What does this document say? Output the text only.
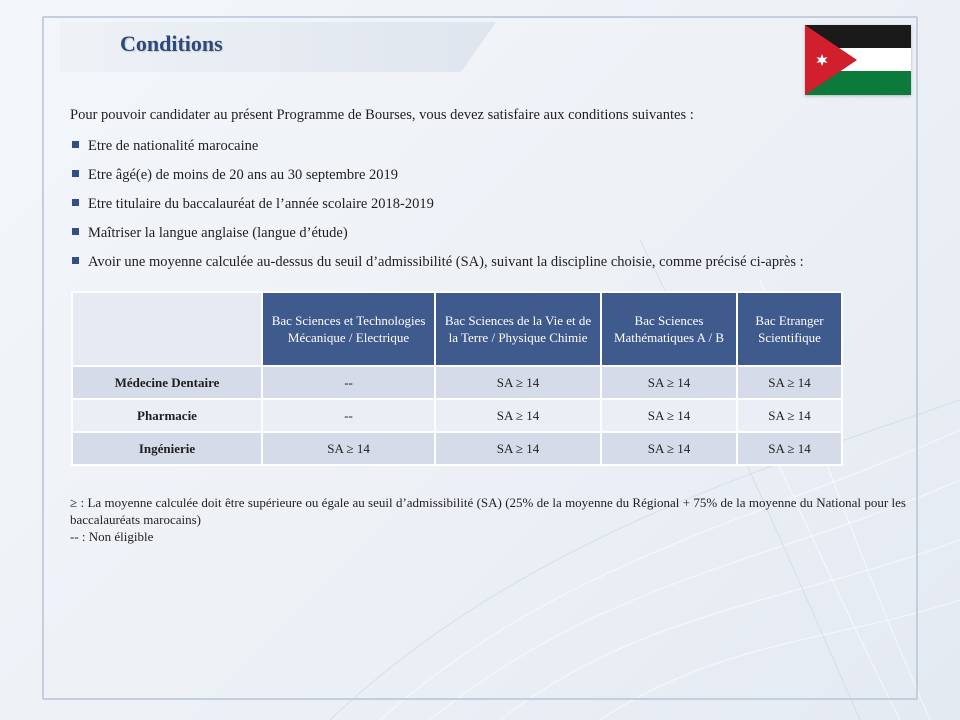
Conditions

Pour pouvoir candidater au présent Programme de Bourses, vous devez satisfaire aux conditions suivantes :

Etre de nationalité marocaine
Etre âgé(e) de moins de 20 ans au 30 septembre 2019
Etre titulaire du baccalauréat de l’année scolaire 2018-2019
Maîtriser la langue anglaise (langue d’étude)
Avoir une moyenne calculée au-dessus du seuil d’admissibilité (SA), suivant la discipline choisie, comme précisé ci-après :
	Bac Sciences et Technologies Mécanique / Electrique	Bac Sciences de la Vie et de la Terre / Physique Chimie	Bac Sciences Mathématiques A / B	Bac Etranger Scientifique
Médecine Dentaire	--	SA ≥ 14	SA ≥ 14	SA ≥ 14
Pharmacie	--	SA ≥ 14	SA ≥ 14	SA ≥ 14
Ingénierie	SA ≥ 14	SA ≥ 14	SA ≥ 14	SA ≥ 14

≥ : La moyenne calculée doit être supérieure ou égale au seuil d’admissibilité (SA) (25% de la moyenne du Régional + 75% de la moyenne du National pour les baccalauréats marocains)

-- : Non éligible
